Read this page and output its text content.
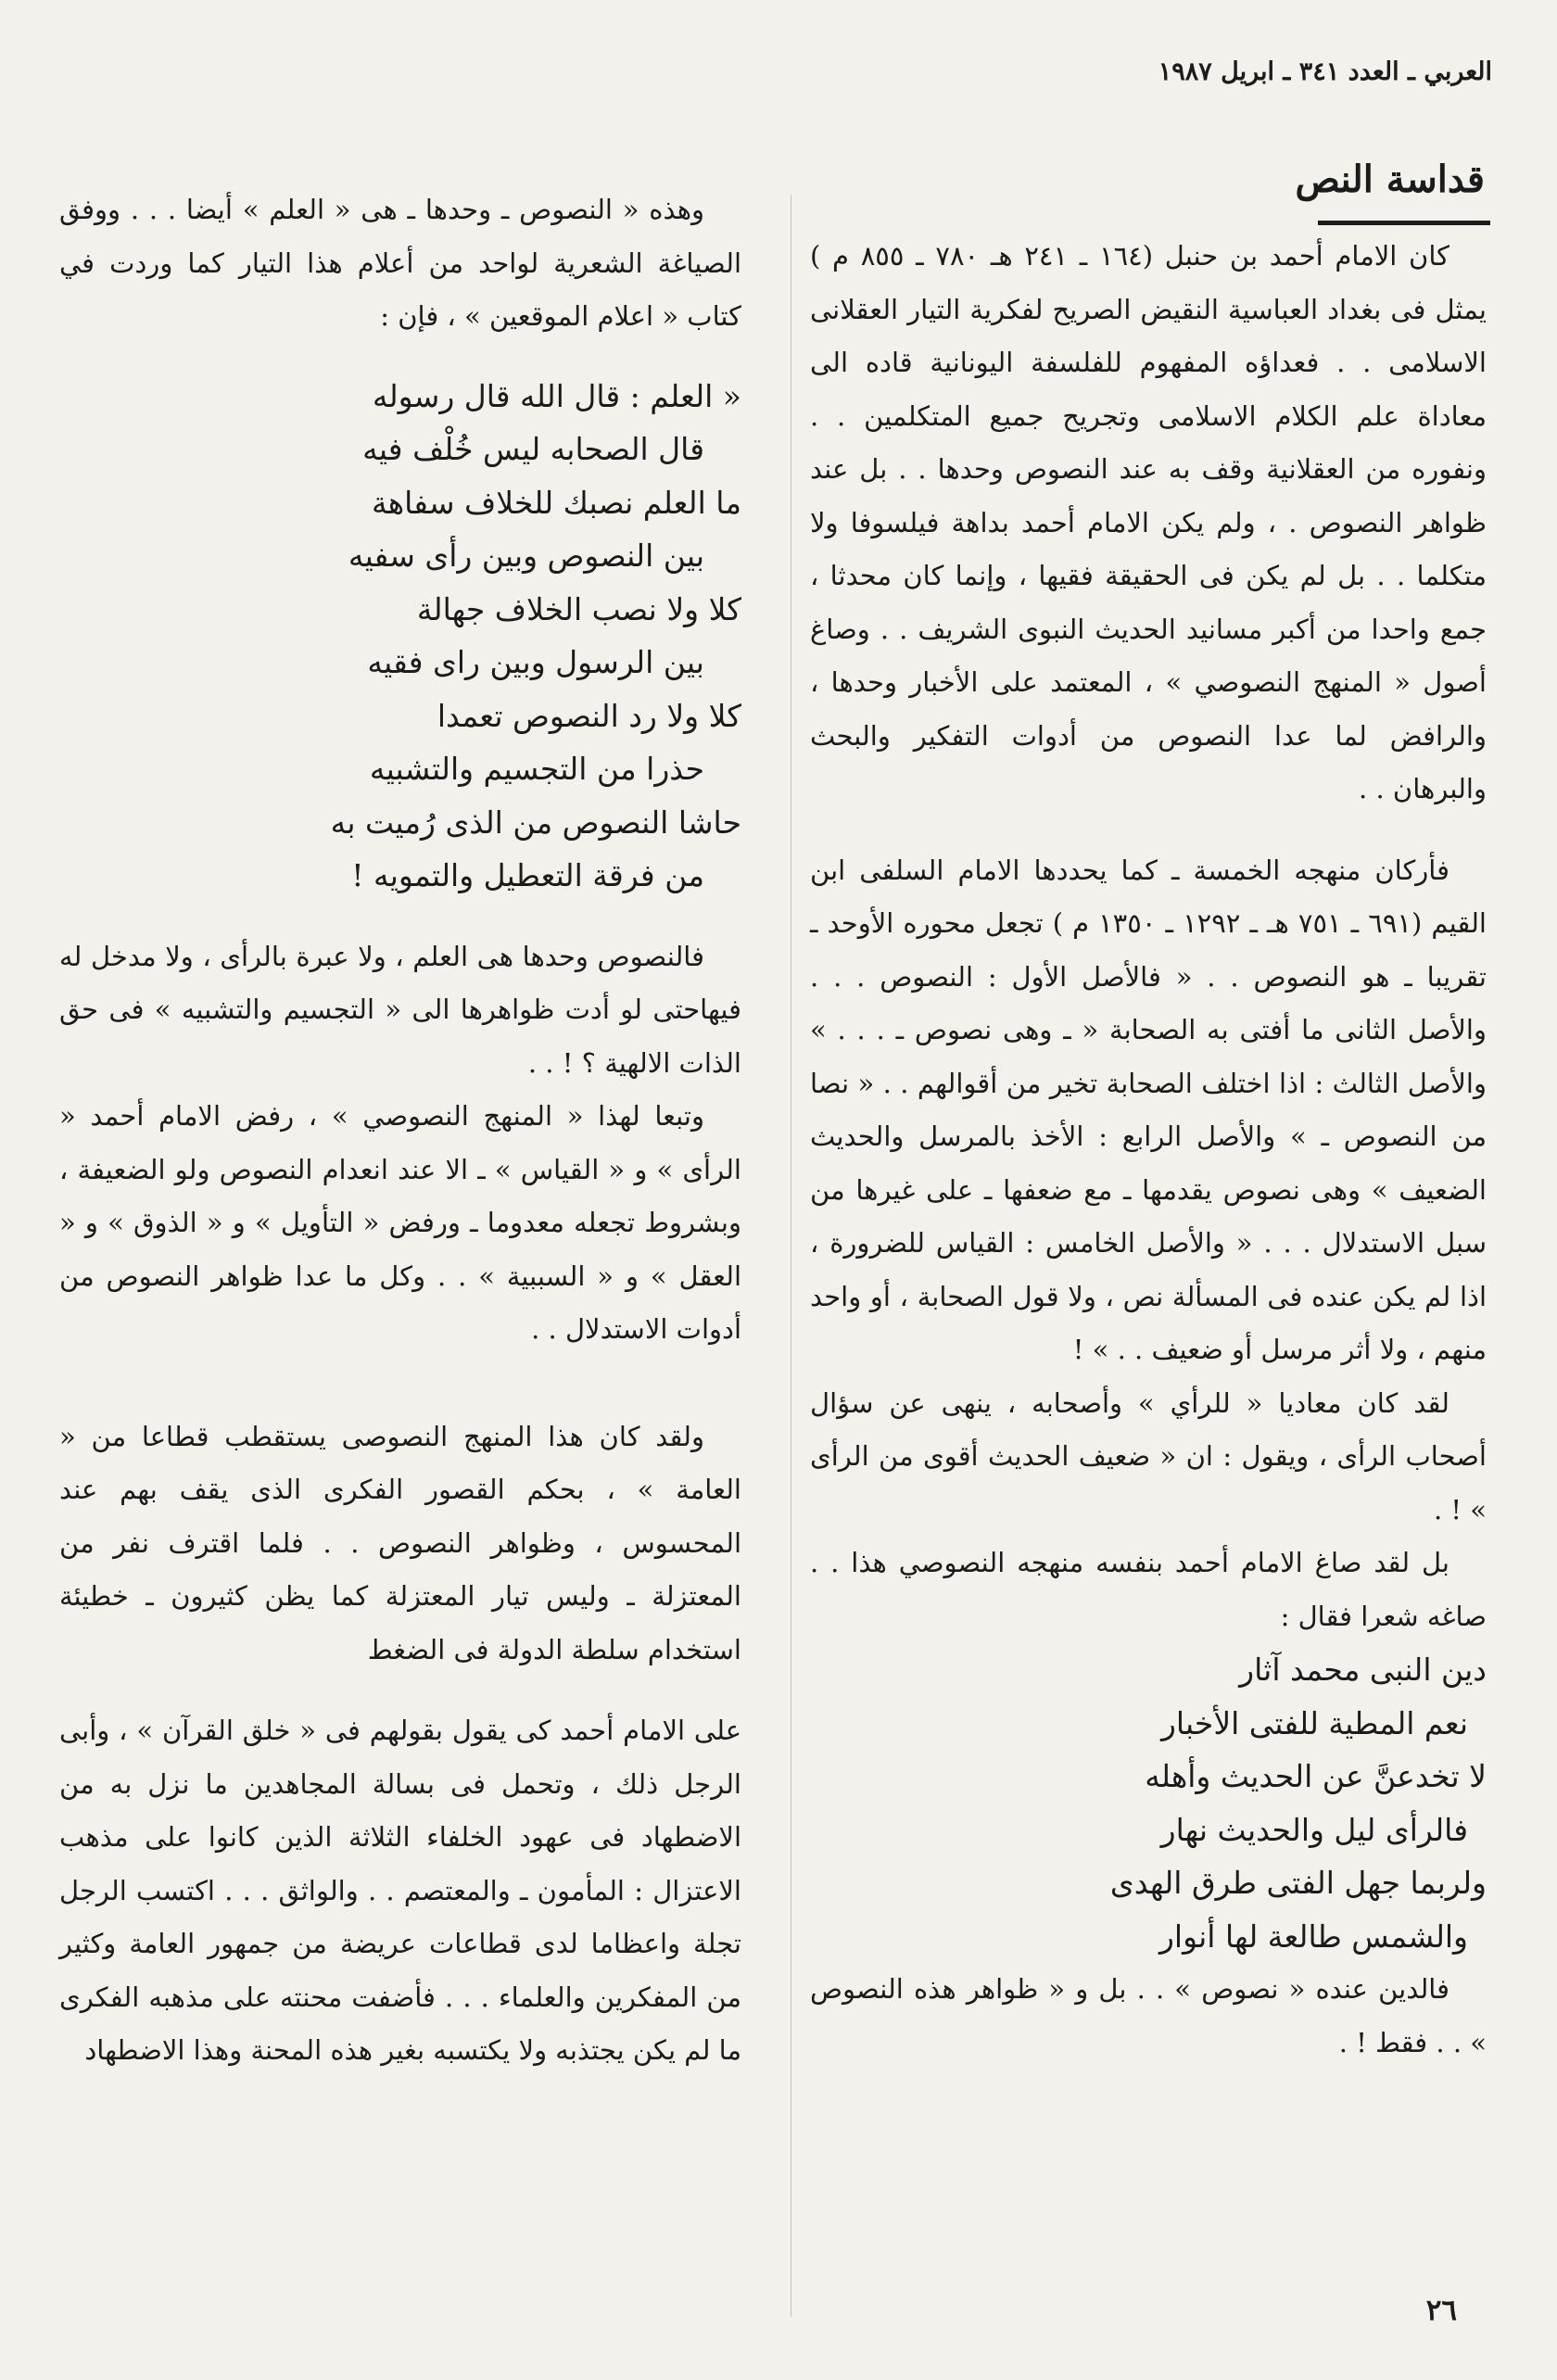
العربي ـ العدد ٣٤١ ـ ابريل ١٩٨٧
قداسة النص

كان الامام أحمد بن حنبل (١٦٤ ـ ٢٤١ هـ ٧٨٠ ـ ٨٥٥ م ) يمثل فى بغداد العباسية النقيض الصريح لفكرية التيار العقلانى الاسلامى . . فعداؤه المفهوم للفلسفة اليونانية قاده الى معاداة علم الكلام الاسلامى وتجريح جميع المتكلمين . . ونفوره من العقلانية وقف به عند النصوص وحدها . . بل عند ظواهر النصوص . ، ولم يكن الامام أحمد بداهة فيلسوفا ولا متكلما . . بل لم يكن فى الحقيقة فقيها ، وإنما كان محدثا ، جمع واحدا من أكبر مسانيد الحديث النبوى الشريف . . وصاغ أصول « المنهج النصوصي » ، المعتمد على الأخبار وحدها ، والرافض لما عدا النصوص من أدوات التفكير والبحث والبرهان . .

فأركان منهجه الخمسة ـ كما يحددها الامام السلفى ابن القيم (٦٩١ ـ ٧٥١ هـ ـ ١٢٩٢ ـ ١٣٥٠ م ) تجعل محوره الأوحد ـ تقريبا ـ هو النصوص . . « فالأصل الأول : النصوص . . . والأصل الثانى ما أفتى به الصحابة « ـ وهى نصوص ـ . . . » والأصل الثالث : اذا اختلف الصحابة تخير من أقوالهم . . « نصا من النصوص ـ » والأصل الرابع : الأخذ بالمرسل والحديث الضعيف » وهى نصوص يقدمها ـ مع ضعفها ـ على غيرها من سبل الاستدلال . . . « والأصل الخامس : القياس للضرورة ، اذا لم يكن عنده فى المسألة نص ، ولا قول الصحابة ، أو واحد منهم ، ولا أثر مرسل أو ضعيف . . » !

لقد كان معاديا « للرأي » وأصحابه ، ينهى عن سؤال أصحاب الرأى ، ويقول : ان « ضعيف الحديث أقوى من الرأى » ! .

بل لقد صاغ الامام أحمد بنفسه منهجه النصوصي هذا . . صاغه شعرا فقال :

دين النبى محمد آثار
نعم المطية للفتى الأخبار
لا تخدعنَّ عن الحديث وأهله
فالرأى ليل والحديث نهار
ولربما جهل الفتى طرق الهدى
والشمس طالعة لها أنوار

فالدين عنده « نصوص » . . بل و « ظواهر هذه النصوص » . . فقط ! .

وهذه « النصوص ـ وحدها ـ هى « العلم » أيضا . . . ووفق الصياغة الشعرية لواحد من أعلام هذا التيار كما وردت في كتاب « اعلام الموقعين » ، فإن :

« العلم : قال الله قال رسوله
قال الصحابه ليس خُلْف فيه
ما العلم نصبك للخلاف سفاهة
بين النصوص وبين رأى سفيه
كلا ولا نصب الخلاف جهالة
بين الرسول وبين راى فقيه
كلا ولا رد النصوص تعمدا
حذرا من التجسيم والتشبيه
حاشا النصوص من الذى رُميت به
من فرقة التعطيل والتمويه !

فالنصوص وحدها هى العلم ، ولا عبرة بالرأى ، ولا مدخل له فيهاحتى لو أدت ظواهرها الى « التجسيم والتشبيه » فى حق الذات الالهية ؟ ! . .

وتبعا لهذا « المنهج النصوصي » ، رفض الامام أحمد « الرأى » و « القياس » ـ الا عند انعدام النصوص ولو الضعيفة ، وبشروط تجعله معدوما ـ ورفض « التأويل » و « الذوق » و « العقل » و « السببية » . . وكل ما عدا ظواهر النصوص من أدوات الاستدلال . .

ولقد كان هذا المنهج النصوصى يستقطب قطاعا من « العامة » ، بحكم القصور الفكرى الذى يقف بهم عند المحسوس ، وظواهر النصوص . . فلما اقترف نفر من المعتزلة ـ وليس تيار المعتزلة كما يظن كثيرون ـ خطيئة استخدام سلطة الدولة فى الضغط

على الامام أحمد كى يقول بقولهم فى « خلق القرآن » ، وأبى الرجل ذلك ، وتحمل فى بسالة المجاهدين ما نزل به من الاضطهاد فى عهود الخلفاء الثلاثة الذين كانوا على مذهب الاعتزال : المأمون ـ والمعتصم . . والواثق . . . اكتسب الرجل تجلة واعظاما لدى قطاعات عريضة من جمهور العامة وكثير من المفكرين والعلماء . . . فأضفت محنته على مذهبه الفكرى ما لم يكن يجتذبه ولا يكتسبه بغير هذه المحنة وهذا الاضطهاد

٢٦
